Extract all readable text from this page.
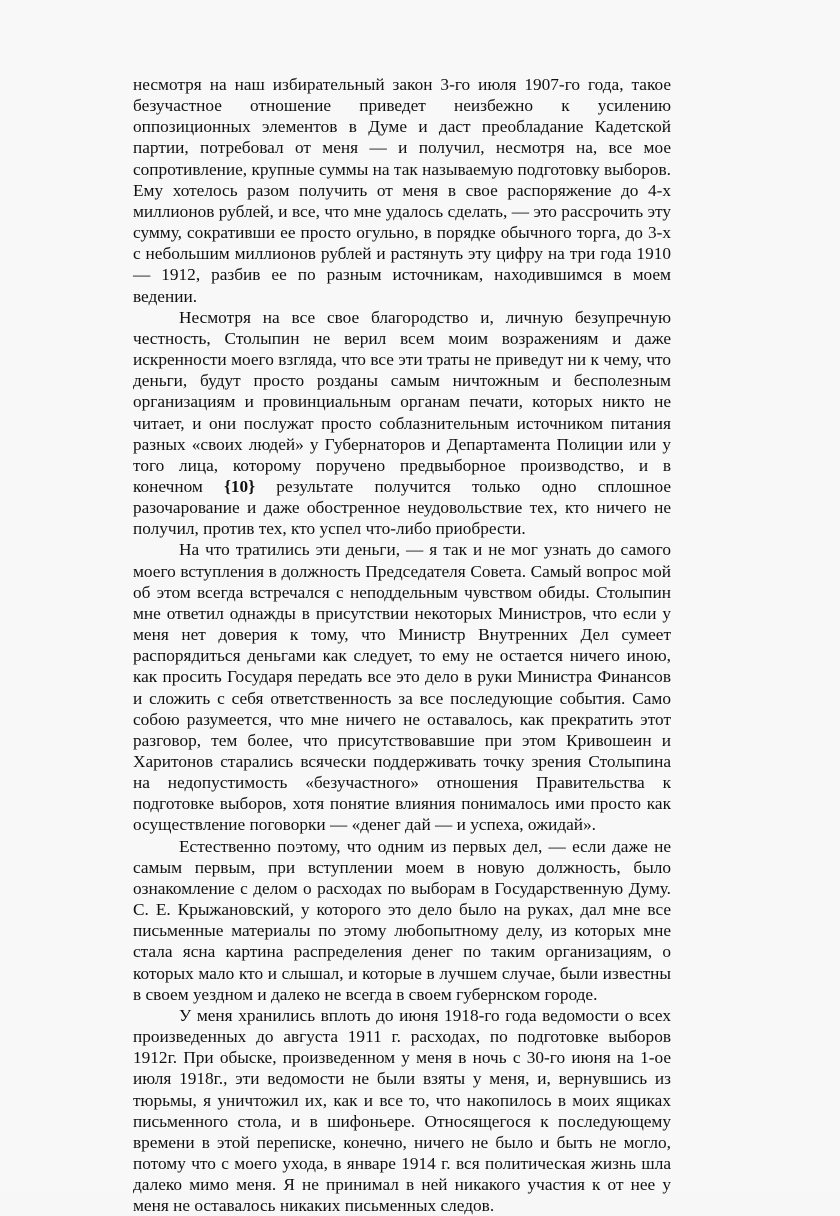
несмотря на наш избирательный закон 3-го июля 1907-го года, такое безучастное отношение приведет неизбежно к усилению оппозиционных элементов в Думе и даст преобладание Кадетской партии, потребовал от меня — и получил, несмотря на, все мое сопротивление, крупные суммы на так называемую подготовку выборов. Ему хотелось разом получить от меня в свое распоряжение до 4-х миллионов рублей, и все, что мне удалось сделать, — это рассрочить эту сумму, сокративши ее просто огульно, в порядке обычного торга, до 3-х с небольшим миллионов рублей и растянуть эту цифру на три года 1910 — 1912, разбив ее по разным источникам, находившимся в моем ведении.

Несмотря на все свое благородство и, личную безупречную честность, Столыпин не верил всем моим возражениям и даже искренности моего взгляда, что все эти траты не приведут ни к чему, что деньги, будут просто розданы самым ничтожным и бесполезным организациям и провинциальным органам печати, которых никто не читает, и они послужат просто соблазнительным источником питания разных «своих людей» у Губернаторов и Департамента Полиции или у того лица, которому поручено предвыборное производство, и в конечном {10} результате получится только одно сплошное разочарование и даже обостренное неудовольствие тех, кто ничего не получил, против тех, кто успел что-либо приобрести.

На что тратились эти деньги, — я так и не мог узнать до самого моего вступления в должность Председателя Совета. Самый вопрос мой об этом всегда встречался с неподдельным чувством обиды. Столыпин мне ответил однажды в присутствии некоторых Министров, что если у меня нет доверия к тому, что Министр Внутренних Дел сумеет распорядиться деньгами как следует, то ему не остается ничего иною, как просить Государя передать все это дело в руки Министра Финансов и сложить с себя ответственность за все последующие события. Само собою разумеется, что мне ничего не оставалось, как прекратить этот разговор, тем более, что присутствовавшие при этом Кривошеин и Харитонов старались всячески поддерживать точку зрения Столыпина на недопустимость «безучастного» отношения Правительства к подготовке выборов, хотя понятие влияния понималось ими просто как осуществление поговорки — «денег дай — и успеха, ожидай».

Естественно поэтому, что одним из первых дел, — если даже не самым первым, при вступлении моем в новую должность, было ознакомление с делом о расходах по выборам в Государственную Думу. С. Е. Крыжановский, у которого это дело было на руках, дал мне все письменные материалы по этому любопытному делу, из которых мне стала ясна картина распределения денег по таким организациям, о которых мало кто и слышал, и которые в лучшем случае, были известны в своем уездном и далеко не всегда в своем губернском городе.

У меня хранились вплоть до июня 1918-го года ведомости о всех произведенных до августа 1911 г. расходах, по подготовке выборов 1912г. При обыске, произведенном у меня в ночь с 30-го июня на 1-ое июля 1918г., эти ведомости не были взяты у меня, и, вернувшись из тюрьмы, я уничтожил их, как и все то, что накопилось в моих ящиках письменного стола, и в шифоньере. Относящегося к последующему времени в этой переписке, конечно, ничего не было и быть не могло, потому что с моего ухода, в январе 1914 г. вся политическая жизнь шла далеко мимо меня. Я не принимал в ней никакого участия к от нее у меня не оставалось никаких письменных следов.
